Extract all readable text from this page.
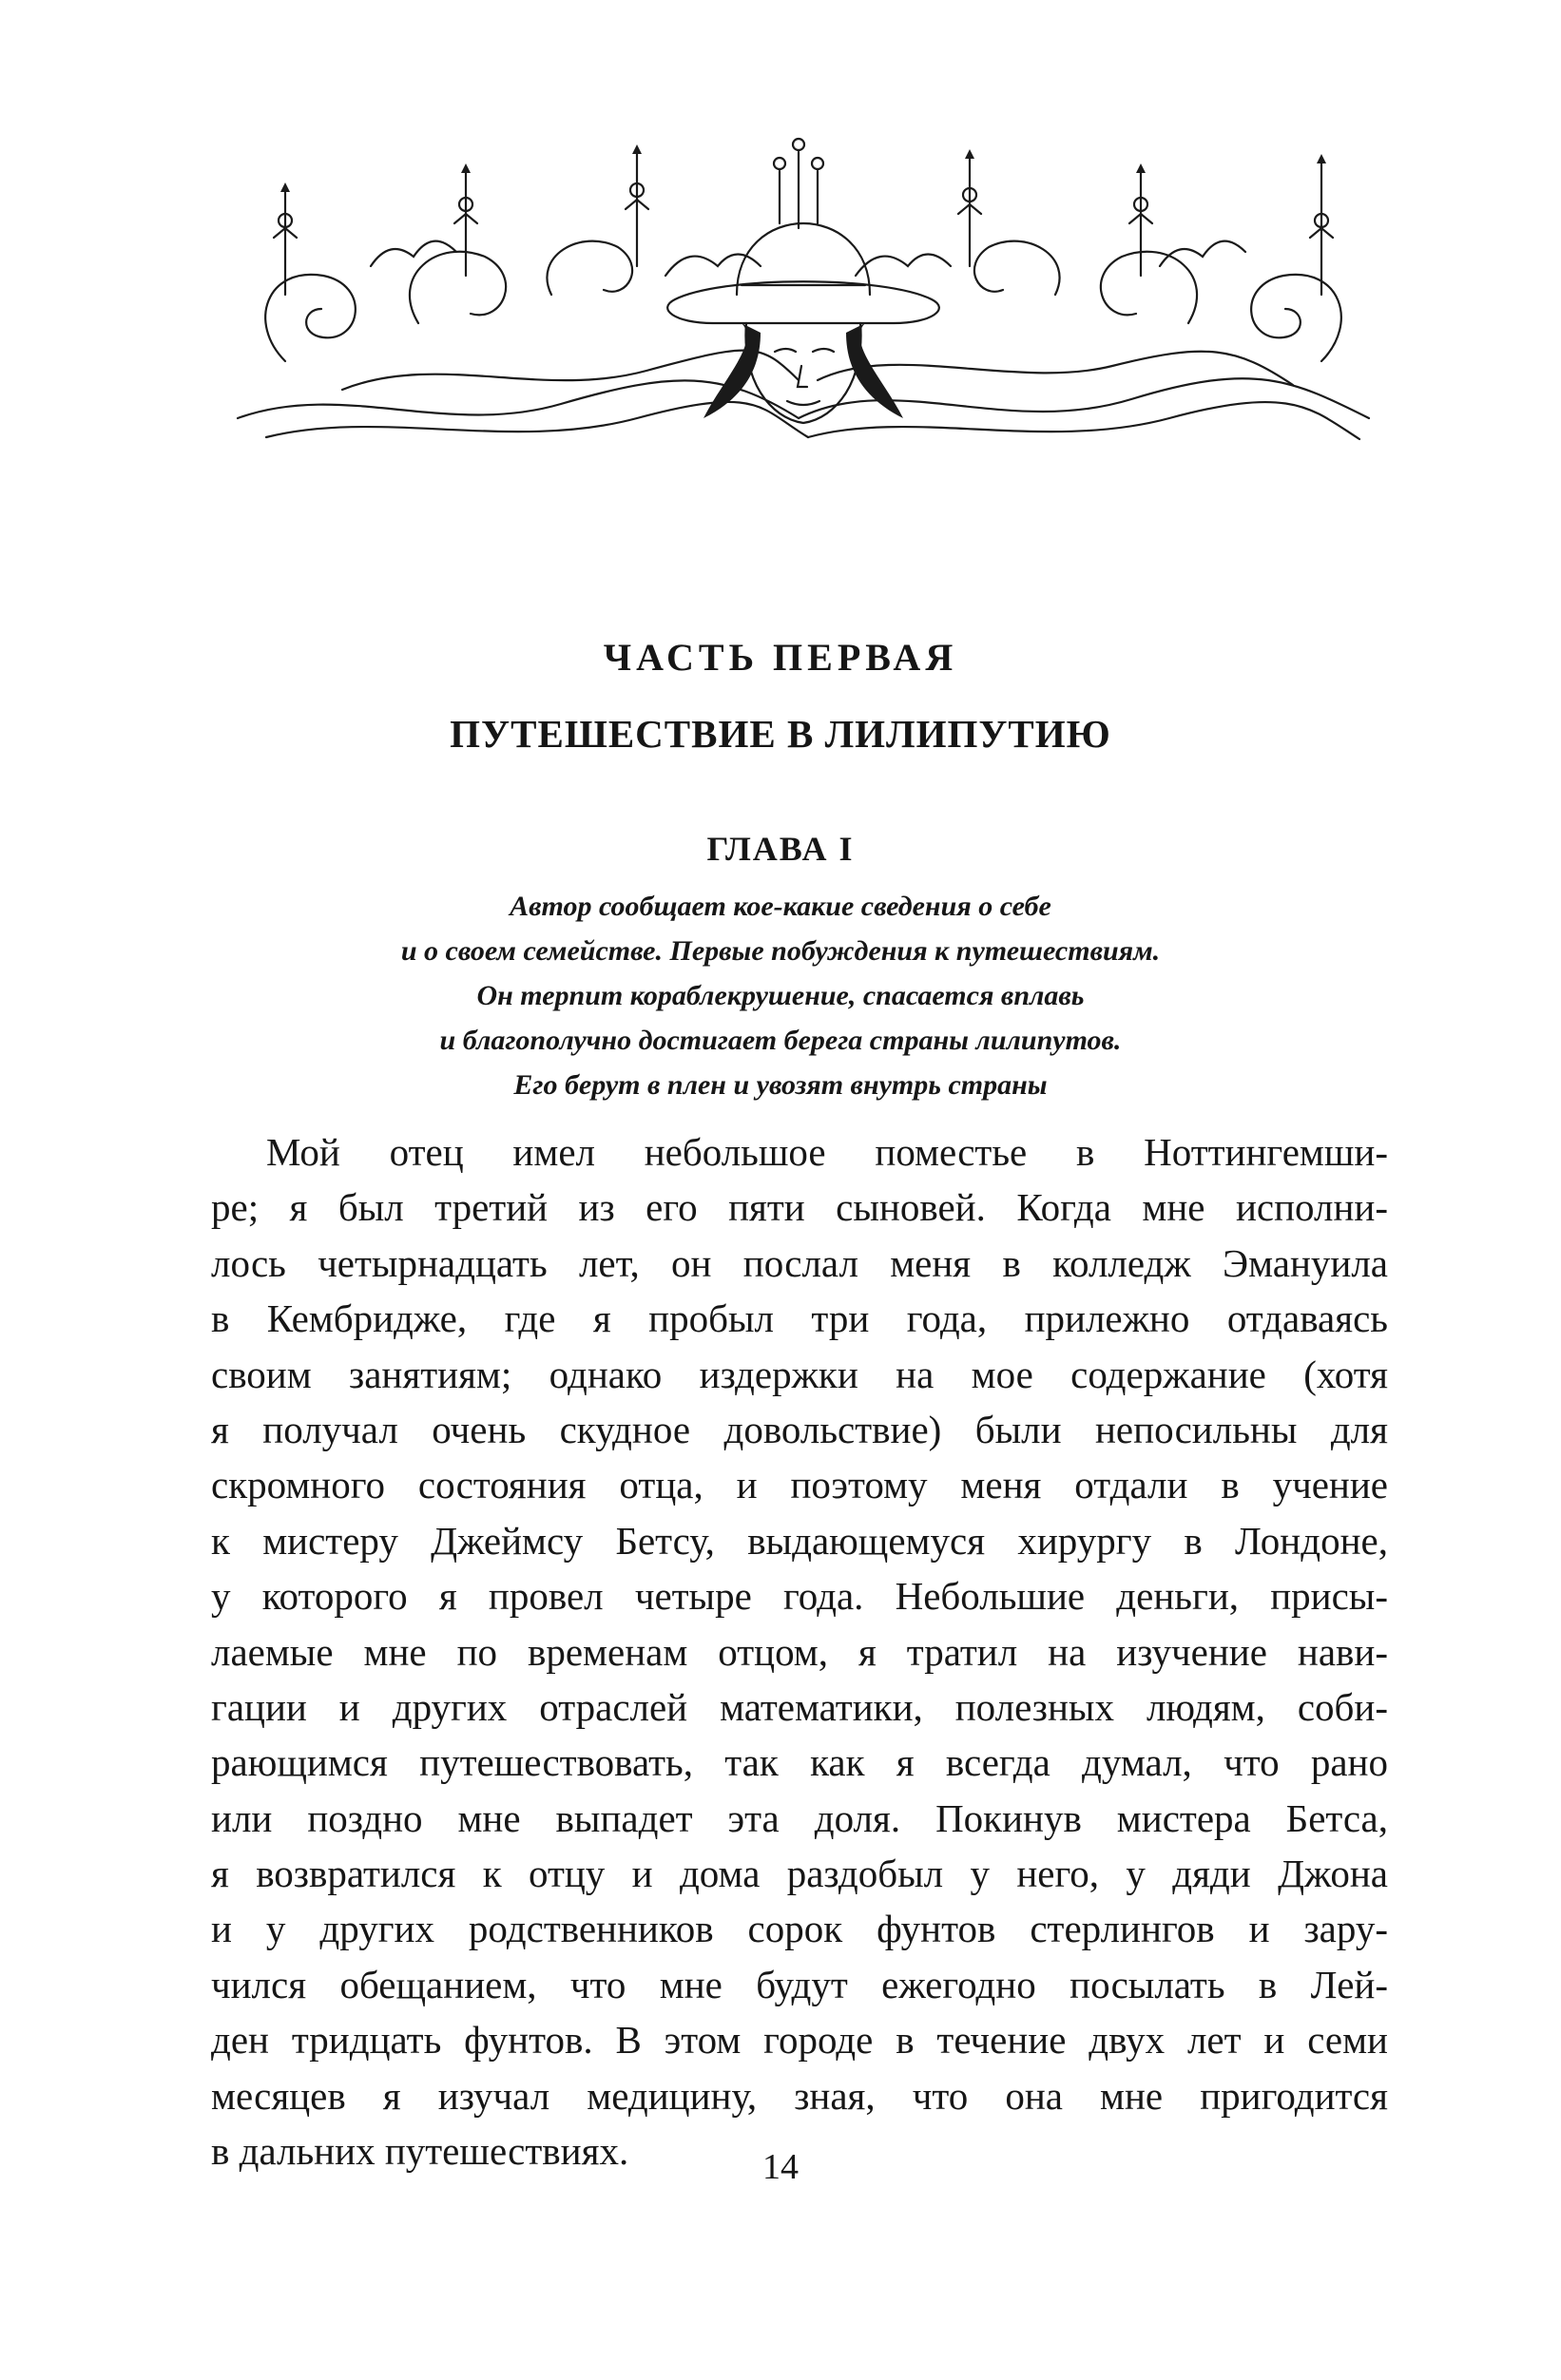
ЧАСТЬ ПЕРВАЯ
ПУТЕШЕСТВИЕ В ЛИЛИПУТИЮ
ГЛАВА I
Автор сообщает кое-какие сведения о себе
и о своем семействе. Первые побуждения к путешествиям.
Он терпит кораблекрушение, спасается вплавь
и благополучно достигает берега страны лилипутов.
Его берут в плен и увозят внутрь страны
Мой отец имел небольшое поместье в Ноттингемши-
ре; я был третий из его пяти сыновей. Когда мне исполни-
лось четырнадцать лет, он послал меня в колледж Эмануила
в Кембридже, где я пробыл три года, прилежно отдаваясь
своим занятиям; однако издержки на мое содержание (хотя
я получал очень скудное довольствие) были непосильны для
скромного состояния отца, и поэтому меня отдали в учение
к мистеру Джеймсу Бетсу, выдающемуся хирургу в Лондоне,
у которого я провел четыре года. Небольшие деньги, присы-
лаемые мне по временам отцом, я тратил на изучение нави-
гации и других отраслей математики, полезных людям, соби-
рающимся путешествовать, так как я всегда думал, что рано
или поздно мне выпадет эта доля. Покинув мистера Бетса,
я возвратился к отцу и дома раздобыл у него, у дяди Джона
и у других родственников сорок фунтов стерлингов и зару-
чился обещанием, что мне будут ежегодно посылать в Лей-
ден тридцать фунтов. В этом городе в течение двух лет и семи
месяцев я изучал медицину, зная, что она мне пригодится
в дальних путешествиях.	14
